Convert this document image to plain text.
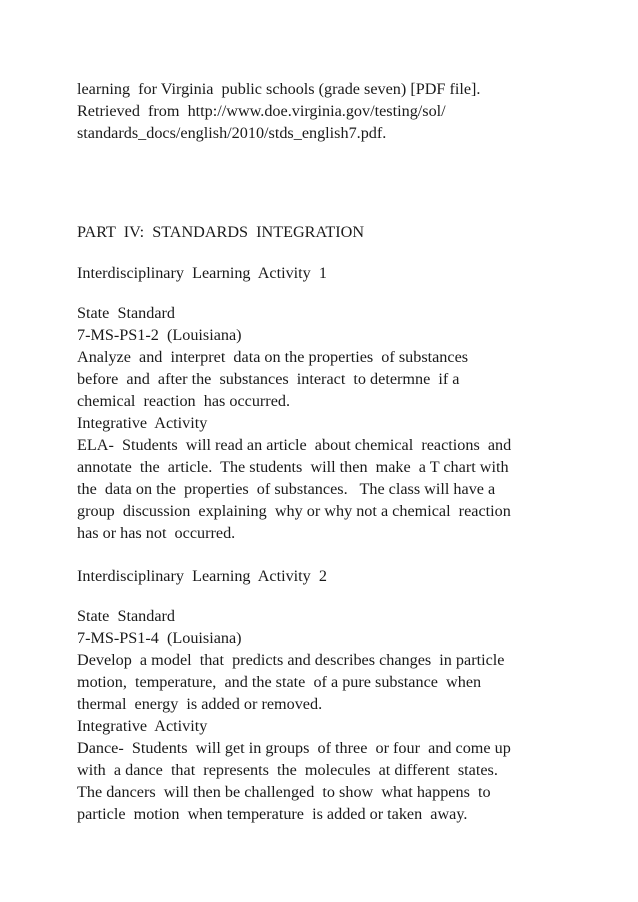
learning  for Virginia  public schools (grade seven) [PDF file].

Retrieved  from  http://www.doe.virginia.gov/testing/sol/

standards_docs/english/2010/stds_english7.pdf.

PART  IV:  STANDARDS  INTEGRATION

Interdisciplinary  Learning  Activity  1

State  Standard

7-MS-PS1-2  (Louisiana)

Analyze  and  interpret  data on the properties  of substances

before  and  after the  substances  interact  to determne  if a

chemical  reaction  has occurred.

Integrative  Activity

ELA-  Students  will read an article  about chemical  reactions  and

annotate  the  article.  The students  will then  make  a T chart with

the  data on the  properties  of substances.   The class will have a

group  discussion  explaining  why or why not a chemical  reaction

has or has not  occurred.

Interdisciplinary  Learning  Activity  2

State  Standard

7-MS-PS1-4  (Louisiana)

Develop  a model  that  predicts and describes changes  in particle

motion,  temperature,  and the state  of a pure substance  when

thermal  energy  is added or removed.

Integrative  Activity

Dance-  Students  will get in groups  of three  or four  and come up

with  a dance  that  represents  the  molecules  at different  states.

The dancers  will then be challenged  to show  what happens  to

particle  motion  when temperature  is added or taken  away.
